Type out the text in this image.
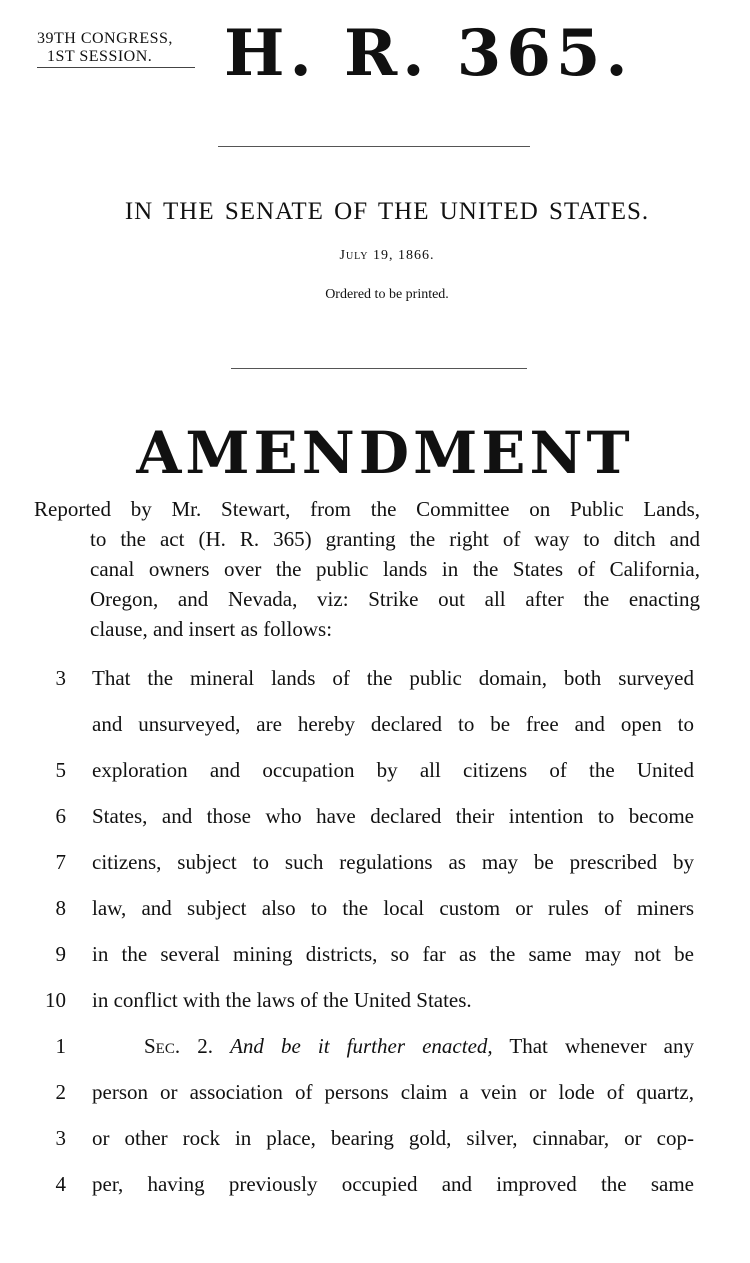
39TH CONGRESS,
1ST SESSION.	H. R. 365.
IN THE SENATE OF THE UNITED STATES.
July 19, 1866.
Ordered to be printed.
AMENDMENT
Reported by Mr. Stewart, from the Committee on Public Lands,
to the act (H. R. 365) granting the right of way to ditch and
canal owners over the public lands in the States of California,
Oregon, and Nevada, viz: Strike out all after the enacting
clause, and insert as follows:
3 That the mineral lands of the public domain, both surveyed
and unsurveyed, are hereby declared to be free and open to
5 exploration and occupation by all citizens of the United
6 States, and those who have declared their intention to become
7 citizens, subject to such regulations as may be prescribed by
8 law, and subject also to the local custom or rules of miners
9 in the several mining districts, so far as the same may not be
10 in conflict with the laws of the United States.
1	Sec. 2. And be it further enacted, That whenever any
2 person or association of persons claim a vein or lode of quartz,
3 or other rock in place, bearing gold, silver, cinnabar, or cop-
4 per, having previously occupied and improved the same
